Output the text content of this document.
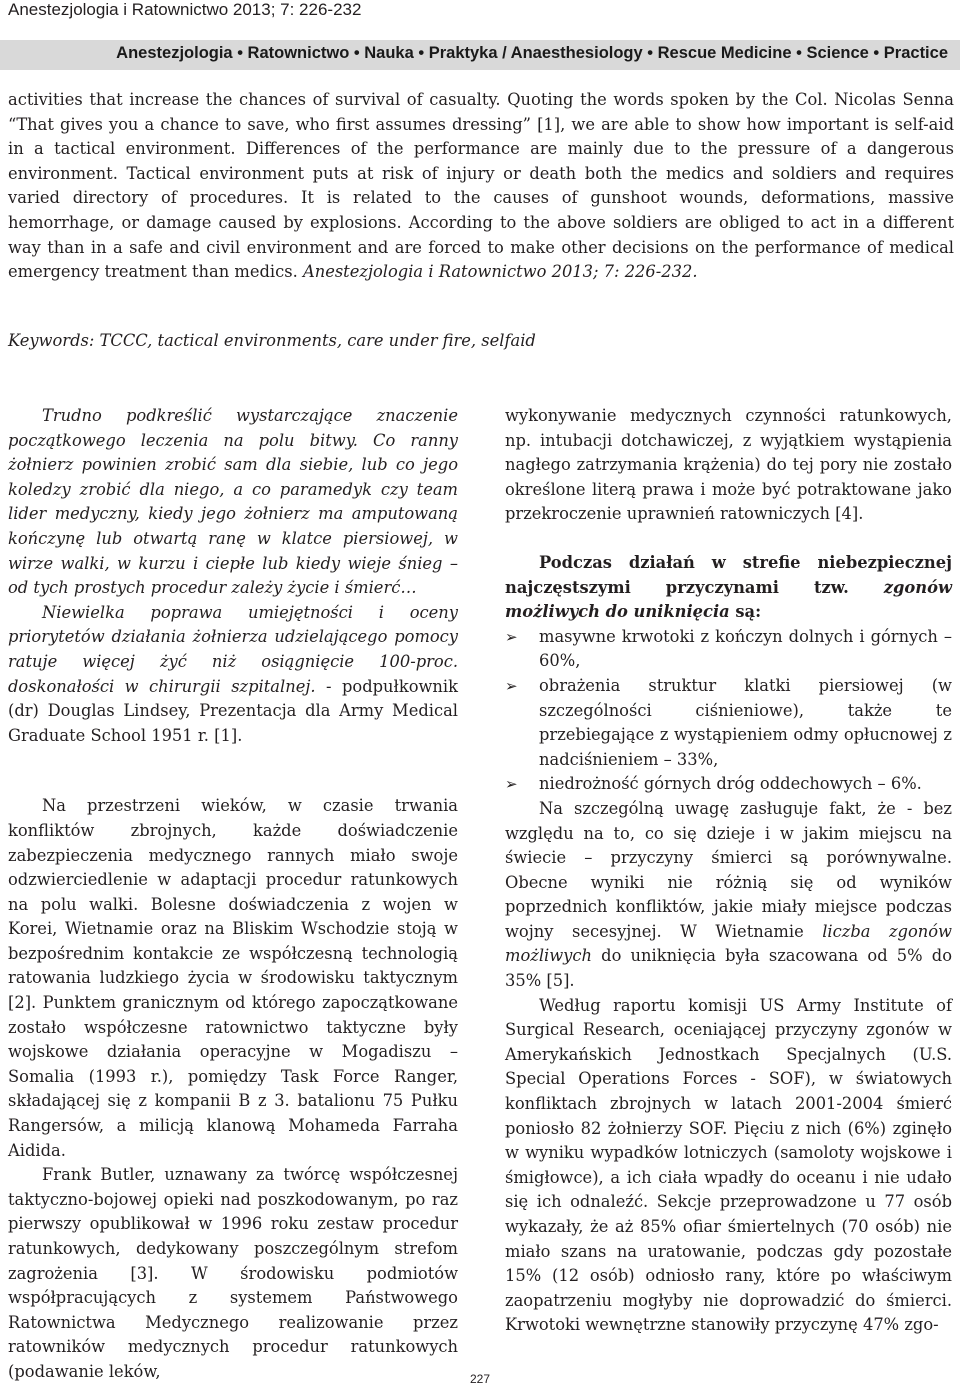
Anestezjologia i Ratownictwo 2013; 7: 226-232
Anestezjologia • Ratownictwo • Nauka • Praktyka / Anaesthesiology • Rescue Medicine • Science • Practice

activities that increase the chances of survival of casualty. Quoting the words spoken by the Col. Nicolas Senna “That gives you a chance to save, who first assumes dressing” [1], we are able to show how important is self-aid in a tactical environment. Differences of the performance are mainly due to the pressure of a dangerous environment. Tactical environment puts at risk of injury or death both the medics and soldiers and requires varied directory of procedures. It is related to the causes of gunshoot wounds, deformations, massive hemorrhage, or damage caused by explosions. According to the above soldiers are obliged to act in a different way than in a safe and civil environment and are forced to make other decisions on the performance of medical emergency treatment than medics. Anestezjologia i Ratownictwo 2013; 7: 226-232.

Keywords: TCCC, tactical environments, care under fire, selfaid

Trudno podkreślić wystarczające znaczenie początkowego leczenia na polu bitwy. Co ranny żołnierz powinien zrobić sam dla siebie, lub co jego koledzy zrobić dla niego, a co paramedyk czy team lider medyczny, kiedy jego żołnierz ma amputowaną kończynę lub otwartą ranę w klatce piersiowej, w wirze walki, w kurzu i ciepłe lub kiedy wieje śnieg – od tych prostych procedur zależy życie i śmierć…

Niewielka poprawa umiejętności i oceny priorytetów działania żołnierza udzielającego pomocy ratuje więcej żyć niż osiągnięcie 100-proc. doskonałości w chirurgii szpitalnej. - podpułkownik (dr) Douglas Lindsey, Prezentacja dla Army Medical Graduate School 1951 r. [1].

Na przestrzeni wieków, w czasie trwania konfliktów zbrojnych, każde doświadczenie zabezpieczenia medycznego rannych miało swoje odzwierciedlenie w adaptacji procedur ratunkowych na polu walki. Bolesne doświadczenia z wojen w Korei, Wietnamie oraz na Bliskim Wschodzie stoją w bezpośrednim kontakcie ze współczesną technologią ratowania ludzkiego życia w środowisku taktycznym [2]. Punktem granicznym od którego zapoczątkowane zostało współczesne ratownictwo taktyczne były wojskowe działania operacyjne w Mogadiszu – Somalia (1993 r.), pomiędzy Task Force Ranger, składającej się z kompanii B z 3. batalionu 75 Pułku Rangersów, a milicją klanową Mohameda Farraha Aidida.

Frank Butler, uznawany za twórcę współczesnej taktyczno-bojowej opieki nad poszkodowanym, po raz pierwszy opublikował w 1996 roku zestaw procedur ratunkowych, dedykowany poszczególnym strefom zagrożenia [3]. W środowisku podmiotów współpracujących z systemem Państwowego Ratownictwa Medycznego realizowanie przez ratowników medycznych procedur ratunkowych (podawanie leków,

wykonywanie medycznych czynności ratunkowych, np. intubacji dotchawiczej, z wyjątkiem wystąpienia nagłego zatrzymania krążenia) do tej pory nie zostało określone literą prawa i może być potraktowane jako przekroczenie uprawnień ratowniczych [4].

Podczas działań w strefie niebezpiecznej najczęstszymi przyczynami tzw. zgonów możliwych do uniknięcia są:

➢ masywne krwotoki z kończyn dolnych i górnych – 60%,
➢ obrażenia struktur klatki piersiowej (w szczególności ciśnieniowe), także te przebiegające z wystąpieniem odmy opłucnowej z nadciśnieniem – 33%,
➢ niedrożność górnych dróg oddechowych – 6%.

Na szczególną uwagę zasługuje fakt, że - bez względu na to, co się dzieje i w jakim miejscu na świecie – przyczyny śmierci są porównywalne. Obecne wyniki nie różnią się od wyników poprzednich konfliktów, jakie miały miejsce podczas wojny secesyjnej. W Wietnamie liczba zgonów możliwych do uniknięcia była szacowana od 5% do 35% [5].

Według raportu komisji US Army Institute of Surgical Research, oceniającej przyczyny zgonów w Amerykańskich Jednostkach Specjalnych (U.S. Special Operations Forces - SOF), w światowych konfliktach zbrojnych w latach 2001-2004 śmierć poniosło 82 żołnierzy SOF. Pięciu z nich (6%) zginęło w wyniku wypadków lotniczych (samoloty wojskowe i śmigłowce), a ich ciała wpadły do oceanu i nie udało się ich odnaleźć. Sekcje przeprowadzone u 77 osób wykazały, że aż 85% ofiar śmiertelnych (70 osób) nie miało szans na uratowanie, podczas gdy pozostałe 15% (12 osób) odniosło rany, które po właściwym zaopatrzeniu mogłyby nie doprowadzić do śmierci. Krwotoki wewnętrzne stanowiły przyczynę 47% zgo-

227
